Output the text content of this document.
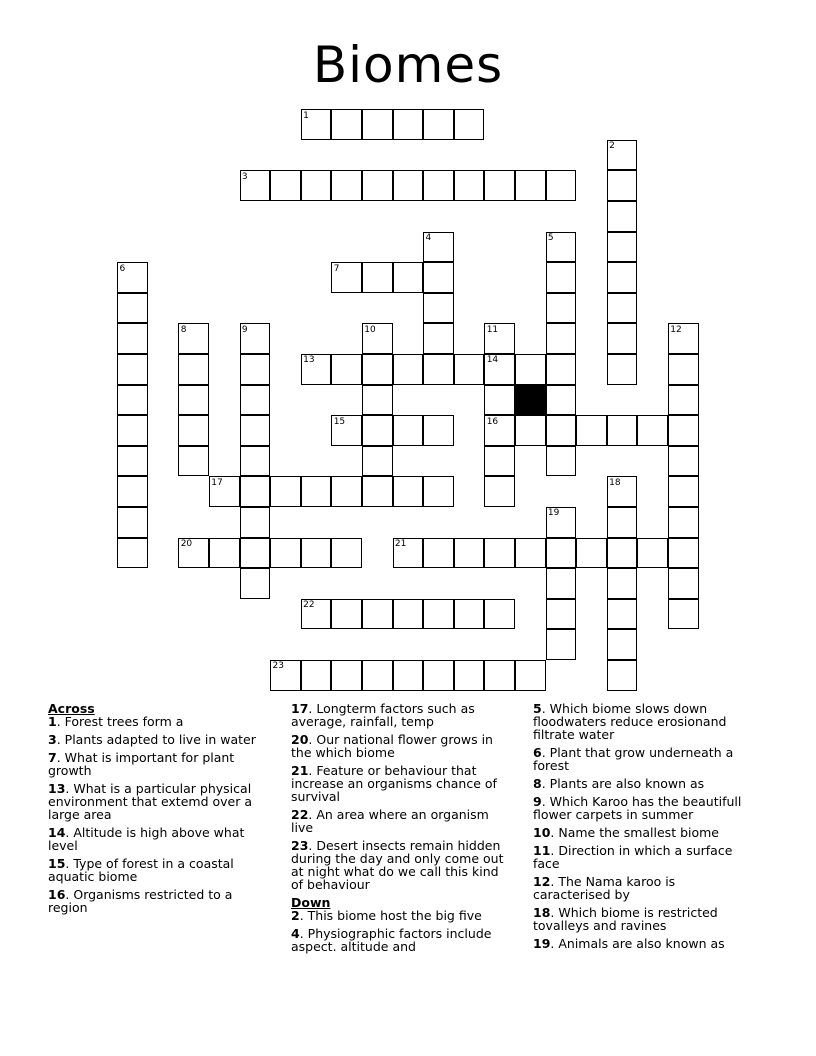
Biomes
1
3
7
13	14
15	16
17
20	21
22
23
2
4	5
6
8	9	10	11	12
18
19
Across
1. Forest trees form a
3. Plants adapted to live in water
7. What is important for plant growth
13. What is a particular physical environment that extemd over a large area
14. Altitude is high above what level
15. Type of forest in a coastal aquatic biome
16. Organisms restricted to a region
17. Longterm factors such as average, rainfall, temp
20. Our national flower grows in the which biome
21. Feature or behaviour that increase an organisms chance of survival
22. An area where an organism live
23. Desert insects remain hidden during the day and only come out at night what do we call this kind of behaviour
Down
2. This biome host the big five
4. Physiographic factors include aspect. altitude and
5. Which biome slows down floodwaters reduce erosionand filtrate water
6. Plant that grow underneath a forest
8. Plants are also known as
9. Which Karoo has the beautifull flower carpets in summer
10. Name the smallest biome
11. Direction in which a surface face
12. The Nama karoo is caracterised by
18. Which biome is restricted tovalleys and ravines
19. Animals are also known as
